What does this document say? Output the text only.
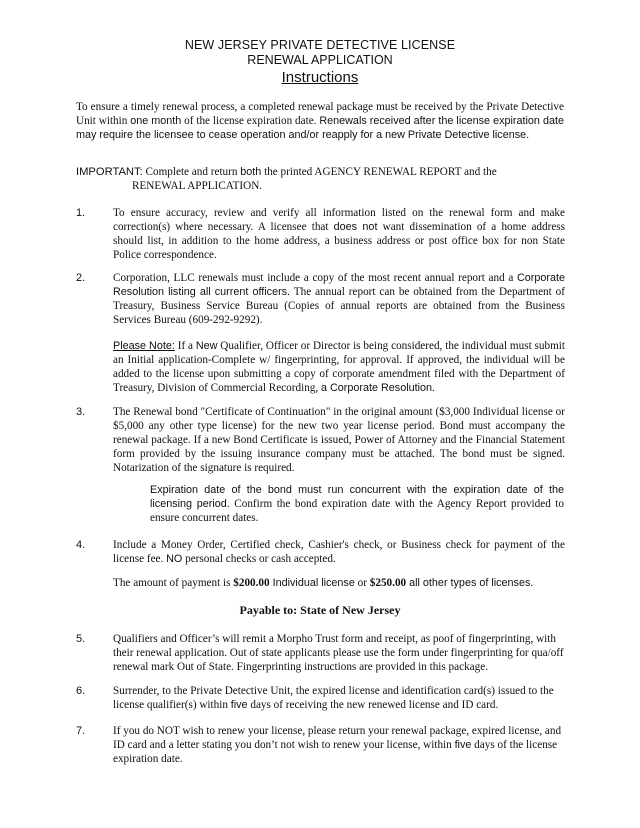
NEW JERSEY PRIVATE DETECTIVE LICENSE
RENEWAL APPLICATION
Instructions
To ensure a timely renewal process, a completed renewal package must be received by the Private Detective Unit within one month of the license expiration date. Renewals received after the license expiration date may require the licensee to cease operation and/or reapply for a new Private Detective license.
IMPORTANT: Complete and return both the printed AGENCY RENEWAL REPORT and the
RENEWAL APPLICATION.
1. To ensure accuracy, review and verify all information listed on the renewal form and make correction(s) where necessary. A licensee that does not want dissemination of a home address should list, in addition to the home address, a business address or post office box for non State Police correspondence.
2. Corporation, LLC renewals must include a copy of the most recent annual report and a Corporate Resolution listing all current officers. The annual report can be obtained from the Department of Treasury, Business Service Bureau (Copies of annual reports are obtained from the Business Services Bureau (609-292-9292).
Please Note: If a New Qualifier, Officer or Director is being considered, the individual must submit an Initial application-Complete w/ fingerprinting, for approval. If approved, the individual will be added to the license upon submitting a copy of corporate amendment filed with the Department of Treasury, Division of Commercial Recording, a Corporate Resolution.
3. The Renewal bond "Certificate of Continuation" in the original amount ($3,000 Individual license or $5,000 any other type license) for the new two year license period. Bond must accompany the renewal package. If a new Bond Certificate is issued, Power of Attorney and the Financial Statement form provided by the issuing insurance company must be attached. The bond must be signed. Notarization of the signature is required.
Expiration date of the bond must run concurrent with the expiration date of the licensing period. Confirm the bond expiration date with the Agency Report provided to ensure concurrent dates.
4. Include a Money Order, Certified check, Cashier's check, or Business check for payment of the license fee. NO personal checks or cash accepted.
The amount of payment is $200.00 Individual license or $250.00 all other types of licenses.
Payable to: State of New Jersey
5. Qualifiers and Officer’s will remit a Morpho Trust form and receipt, as poof of fingerprinting, with their renewal application. Out of state applicants please use the form under fingerprinting for qua/off renewal mark Out of State. Fingerprinting instructions are provided in this package.
6. Surrender, to the Private Detective Unit, the expired license and identification card(s) issued to the license qualifier(s) within five days of receiving the new renewed license and ID card.
7. If you do NOT wish to renew your license, please return your renewal package, expired license, and ID card and a letter stating you don’t not wish to renew your license, within five days of the license expiration date.
